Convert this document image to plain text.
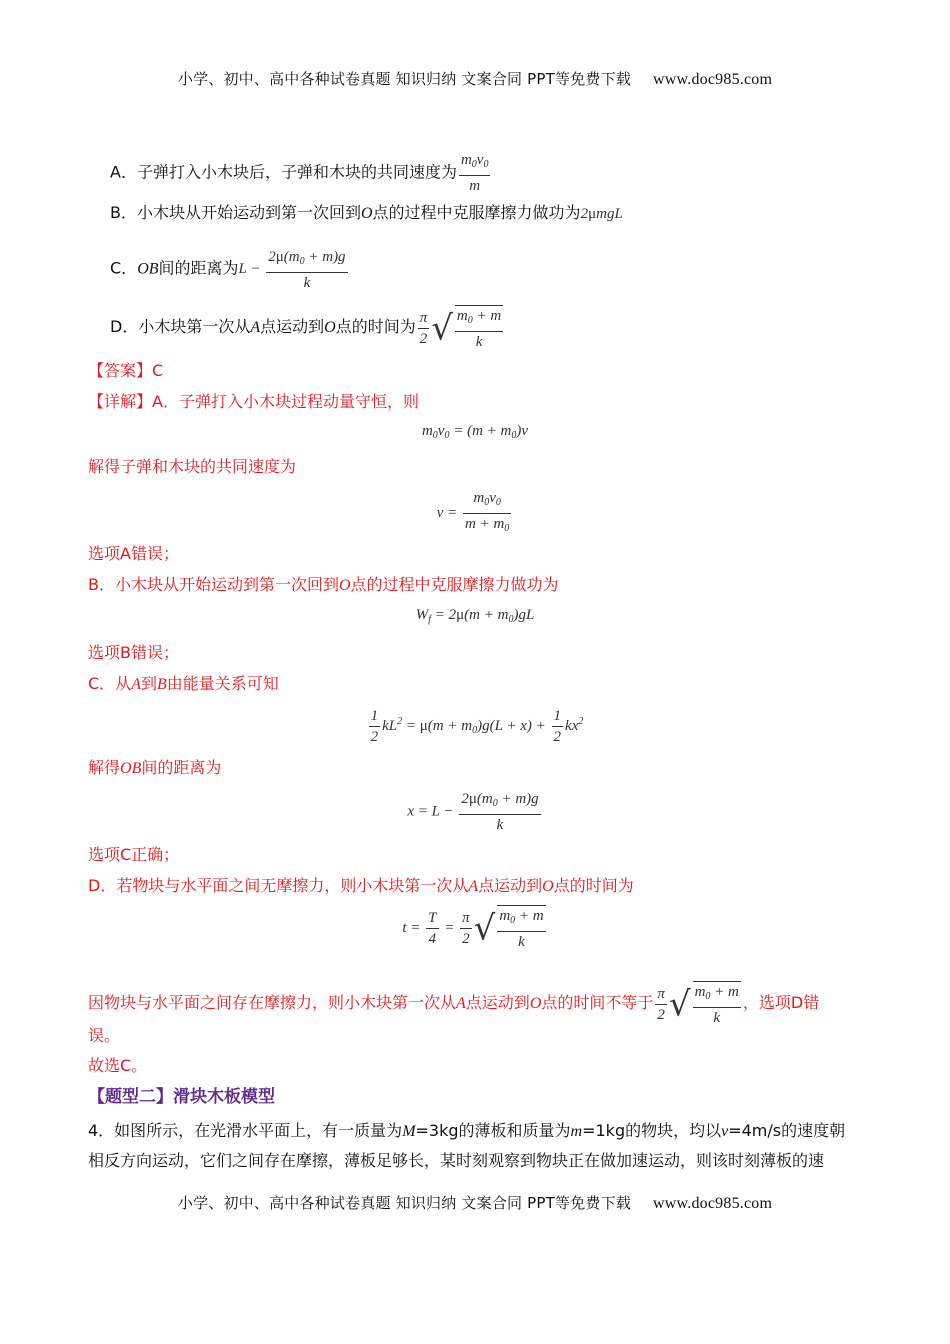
小学、初中、高中各种试卷真题 知识归纳 文案合同 PPT等免费下载 www.doc985.com
A．子弹打入小木块后，子弹和木块的共同速度为 $\frac{m_0v_0}{m}$
B．小木块从开始运动到第一次回到O点的过程中克服摩擦力做功为2μmgL
C．OB间的距离为$L - \frac{2\mu(m_0 + m)g}{k}$
D．小木块第一次从A点运动到O点的时间为 $\frac{\pi}{2}$ √ $\frac{m_0 + m}{k}$
【答案】C
【详解】A．子弹打入小木块过程动量守恒，则
$m_0v_0 = (m + m_0)v$
解得子弹和木块的共同速度为
$v = \frac{m_0v_0}{m + m_0}$
选项A错误；
B．小木块从开始运动到第一次回到O点的过程中克服摩擦力做功为
$W_f = 2\mu(m + m_0)gL$
选项B错误；
C．从A到B由能量关系可知
$\frac{1}{2} kL^2 = \mu(m + m_0)g(L + x) + \frac{1}{2} kx^2$
解得OB间的距离为
$x = L - \frac{2\mu(m_0 + m)g}{k}$
选项C正确；
D．若物块与水平面之间无摩擦力，则小木块第一次从A点运动到O点的时间为
$t = \frac{T}{4} = \frac{\pi}{2}$ √ $\frac{m_0 + m}{k}$
因物块与水平面之间存在摩擦力，则小木块第一次从A点运动到O点的时间不等于 $\frac{\pi}{2}$ √ $\frac{m_0 + m}{k}$ ，选项D错
误。
故选C。
【题型二】滑块木板模型
4．如图所示，在光滑水平面上，有一质量为M=3kg的薄板和质量为m=1kg的物块，均以v=4m/s的速度朝
相反方向运动，它们之间存在摩擦，薄板足够长，某时刻观察到物块正在做加速运动，则该时刻薄板的速
小学、初中、高中各种试卷真题 知识归纳 文案合同 PPT等免费下载 www.doc985.com
